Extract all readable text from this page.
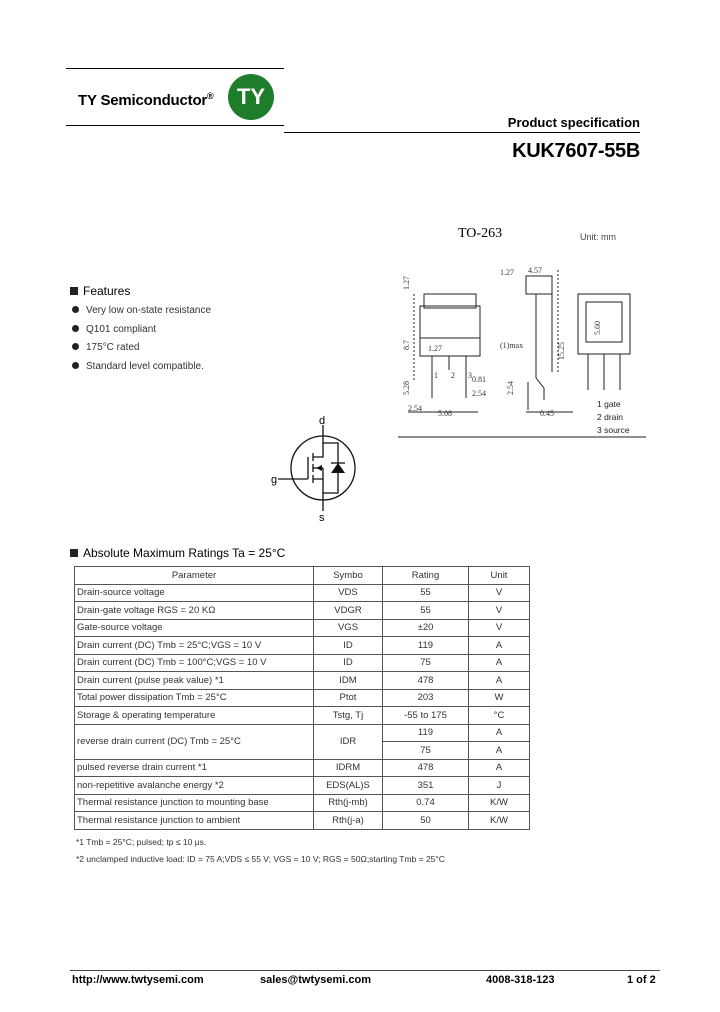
TY Semiconductor®	TY
Product specification
KUK7607-55B
TO-263	Unit: mm
1.27
8.7 1.27
5.28
1 2 3 0.81
2.54
2.54
5.08
1.27 4.57
(1)max	15.25
2.54
0.45
5.60
1 gate
2 drain
3 source
Features
Very low on-state resistance
Q101 compliant
175°C rated
Standard level compatible.
d
g
s
Absolute Maximum Ratings Ta = 25°C
Parameter	Symbo	Rating	Unit
Drain-source voltage	VDS	55	V
Drain-gate voltage RGS = 20 KΩ	VDGR	55	V
Gate-source voltage	VGS	±20	V
Drain current (DC) Tmb = 25°C;VGS = 10 V	ID	119	A
Drain current (DC) Tmb = 100°C;VGS = 10 V	ID	75	A
Drain current (pulse peak value) *1	IDM	478	A
Total power dissipation Tmb = 25°C	Ptot	203	W
Storage & operating temperature	Tstg, Tj	-55 to 175	°C
reverse drain current (DC) Tmb = 25°C	IDR	119	A
		75	A
pulsed reverse drain current *1	IDRM	478	A
non-repetitive avalanche energy *2	EDS(AL)S	351	J
Thermal resistance junction to mounting base	Rth(j-mb)	0.74	K/W
Thermal resistance junction to ambient	Rth(j-a)	50	K/W
*1 Tmb = 25°C; pulsed; tp ≤ 10 μs.
*2 unclamped inductive load: ID = 75 A;VDS ≤ 55 V; VGS = 10 V; RGS = 50Ω;starting Tmb = 25°C
http://www.twtysemi.com	sales@twtysemi.com	4008-318-123	1 of 2
